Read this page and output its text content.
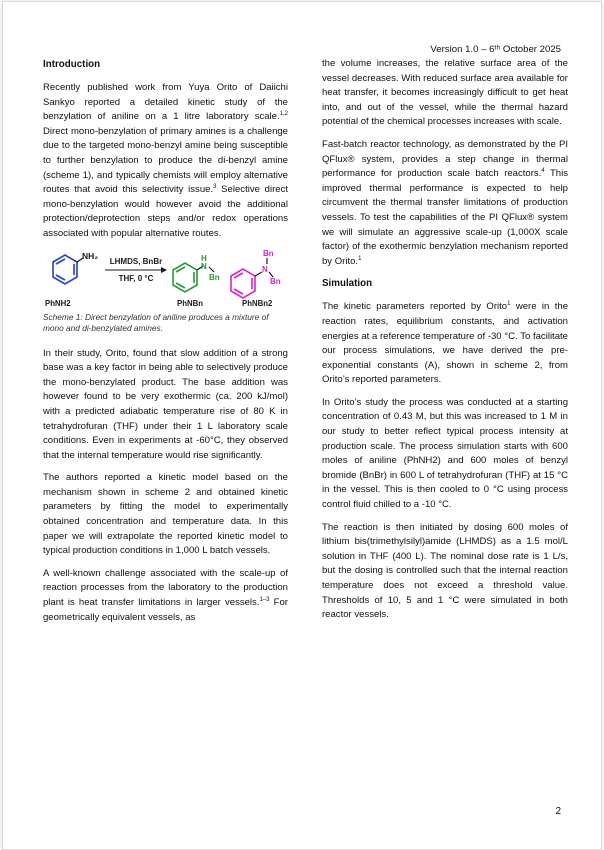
Version 1.0 – 6ᵗʰ October 2025
Introduction

Recently published work from Yuya Orito of Daiichi Sankyo reported a detailed kinetic study of the benzylation of aniline on a 1 litre laboratory scale.$^{1,2}$ Direct mono-benzylation of primary amines is a challenge due to the targeted mono-benzyl amine being susceptible to further benzylation to produce the di-benzyl amine (scheme 1), and typically chemists will employ alternative routes that avoid this selectivity issue.$^3$ Selective direct mono-benzylation would however avoid the additional protection/deprotection steps and/or redox operations associated with popular alternative routes.

NH₂
LHMDS, BnBr
THF, 0 °C
H
N
Bn
Bn
N
Bn
PhNH2	PhNBn	PhNBn2
Scheme 1: Direct benzylation of aniline produces a mixture of mono and di-benzylated amines.

In their study, Orito, found that slow addition of a strong base was a key factor in being able to selectively produce the mono-benzylated product. The base addition was however found to be very exothermic (ca. 200 kJ/mol) with a predicted adiabatic temperature rise of 80 K in tetrahydrofuran (THF) under their 1 L laboratory scale conditions. Even in experiments at -60°C, they observed that the internal temperature would rise significantly.

The authors reported a kinetic model based on the mechanism shown in scheme 2 and obtained kinetic parameters by fitting the model to experimentally obtained concentration and temperature data. In this paper we will extrapolate the reported kinetic model to typical production conditions in 1,000 L batch vessels.

A well-known challenge associated with the scale-up of reaction processes from the laboratory to the production plant is heat transfer limitations in larger vessels.$^{1-3}$ For geometrically equivalent vessels, as

the volume increases, the relative surface area of the vessel decreases. With reduced surface area available for heat transfer, it becomes increasingly difficult to get heat into, and out of the vessel, while the thermal hazard potential of the chemical processes increases with scale.

Fast-batch reactor technology, as demonstrated by the PI QFlux® system, provides a step change in thermal performance for production scale batch reactors.$^4$ This improved thermal performance is expected to help circumvent the thermal transfer limitations of production vessels. To test the capabilities of the PI QFlux® system we will simulate an aggressive scale-up (1,000X scale factor) of the exothermic benzylation mechanism reported by Orito.$^1$

Simulation

The kinetic parameters reported by Orito$^1$ were in the reaction rates, equilibrium constants, and activation energies at a reference temperature of -30 °C. To facilitate our process simulations, we have derived the pre-exponential constants (A), shown in scheme 2, from Orito’s reported parameters.

In Orito’s study the process was conducted at a starting concentration of 0.43 M, but this was increased to 1 M in our study to better reflect typical process intensity at production scale. The process simulation starts with 600 moles of aniline (PhNH2) and 600 moles of benzyl bromide (BnBr) in 600 L of tetrahydrofuran (THF) at 15 °C in the vessel. This is then cooled to 0 °C using process control fluid chilled to a -10 °C.

The reaction is then initiated by dosing 600 moles of lithium bis(trimethylsilyl)amide (LHMDS) as a 1.5 mol/L solution in THF (400 L). The nominal dose rate is 1 L/s, but the dosing is controlled such that the internal reaction temperature does not exceed a threshold value. Thresholds of 10, 5 and 1 °C were simulated in both reactor vessels.

2
